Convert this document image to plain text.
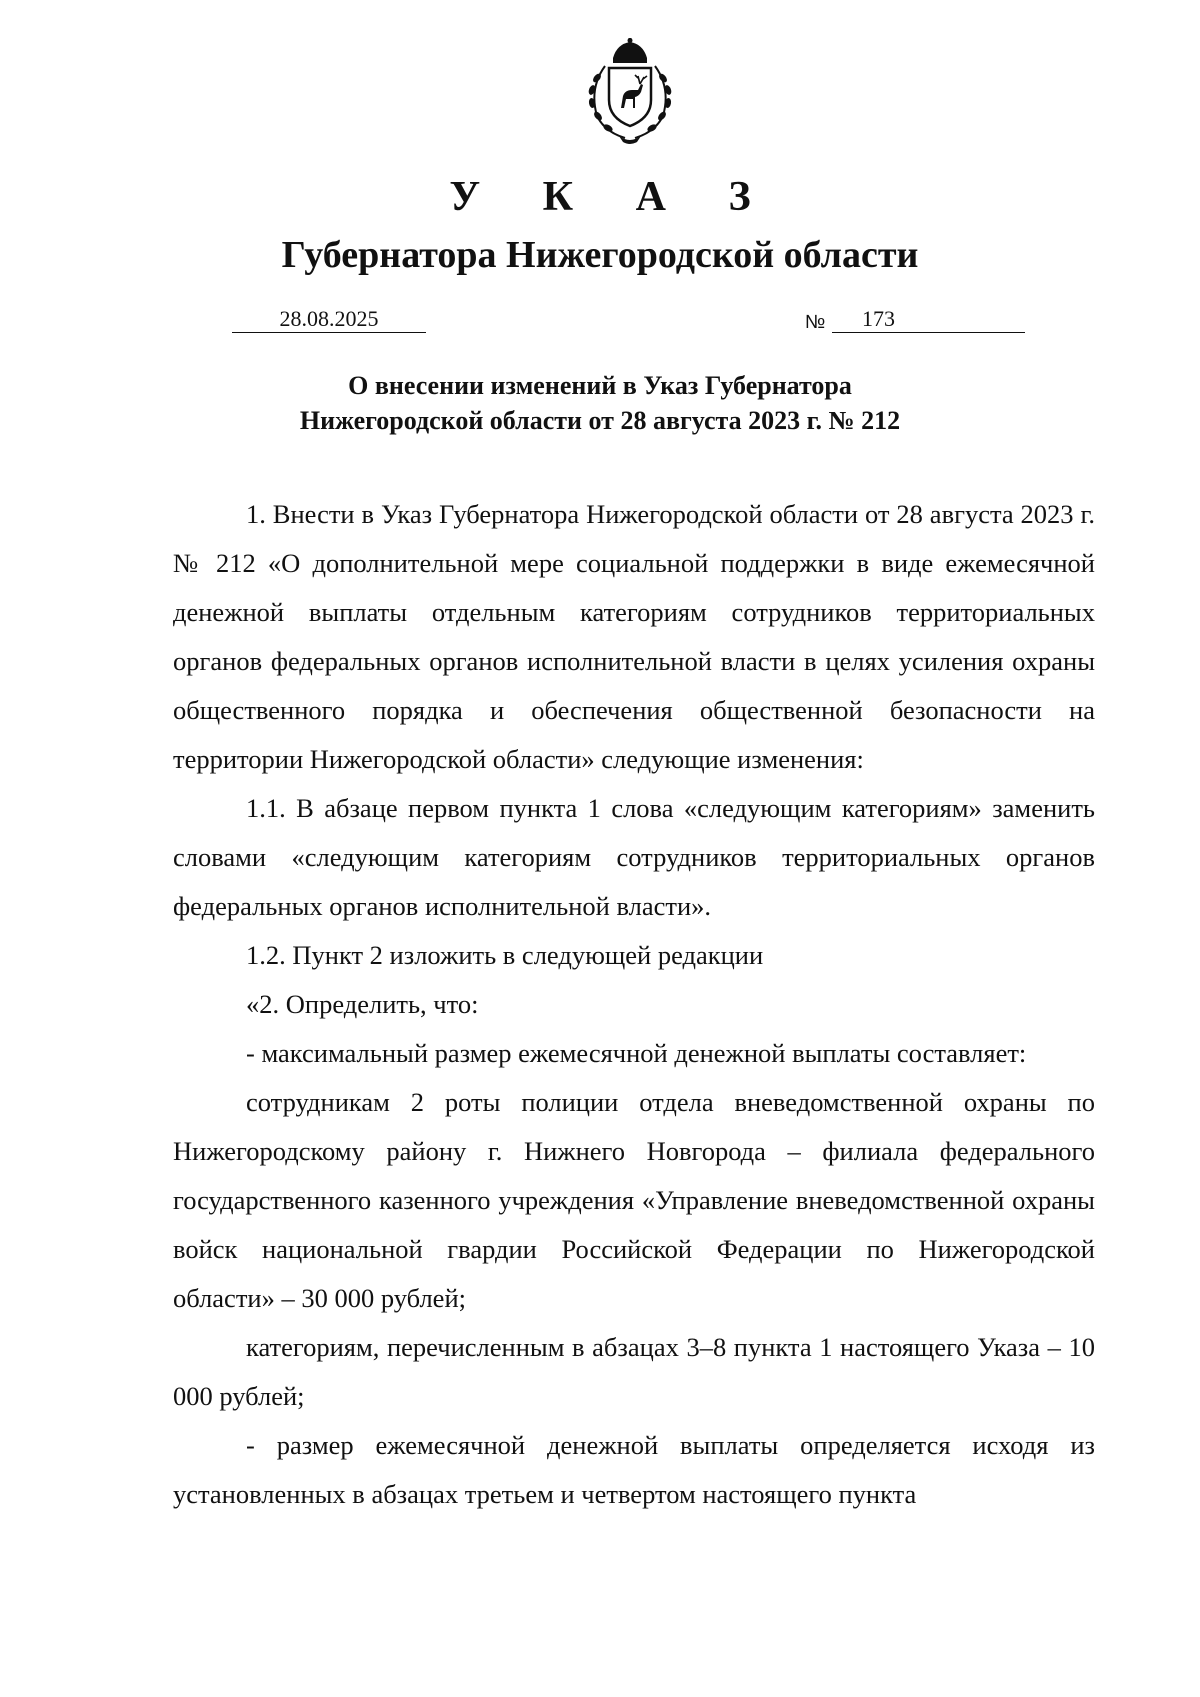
У К А З
Губернатора Нижегородской области
28.08.2025	№	173
О внесении изменений в Указ Губернатора
Нижегородской области от 28 августа 2023 г. № 212

1. Внести в Указ Губернатора Нижегородской области от 28 августа 2023 г. № 212 «О дополнительной мере социальной поддержки в виде ежемесячной денежной выплаты отдельным категориям сотрудников территориальных органов федеральных органов исполнительной власти в целях усиления охраны общественного порядка и обеспечения общественной безопасности на территории Нижегородской области» следующие изменения:

1.1. В абзаце первом пункта 1 слова «следующим категориям» заменить словами «следующим категориям сотрудников территориальных органов федеральных органов исполнительной власти».

1.2. Пункт 2 изложить в следующей редакции

«2. Определить, что:

- максимальный размер ежемесячной денежной выплаты составляет:

сотрудникам 2 роты полиции отдела вневедомственной охраны по Нижегородскому району г. Нижнего Новгорода – филиала федерального государственного казенного учреждения «Управление вневедомственной охраны войск национальной гвардии Российской Федерации по Нижегородской области» – 30 000 рублей;

категориям, перечисленным в абзацах 3–8 пункта 1 настоящего Указа – 10 000 рублей;

- размер ежемесячной денежной выплаты определяется исходя из установленных в абзацах третьем и четвертом настоящего пункта
